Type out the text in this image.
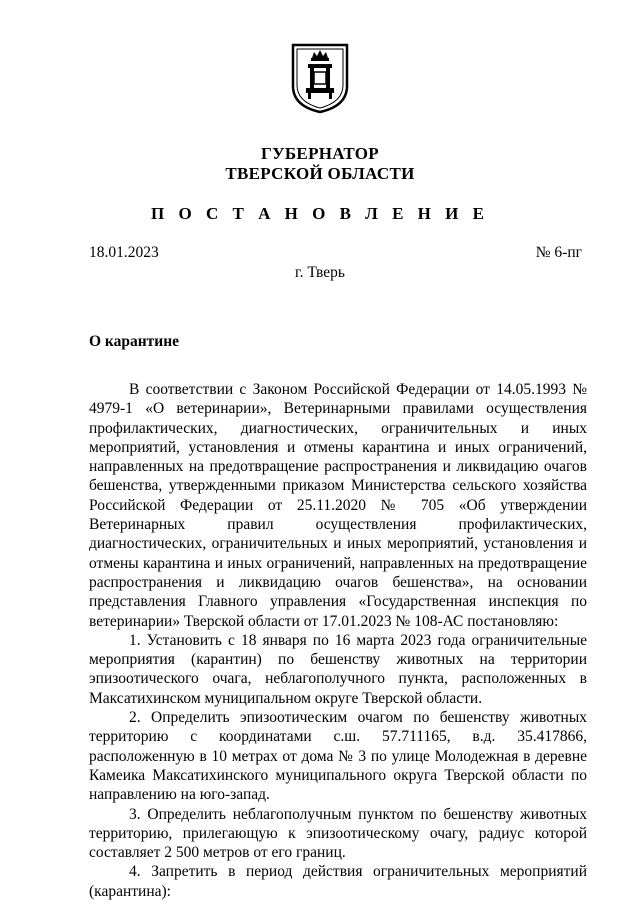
ГУБЕРНАТОР
ТВЕРСКОЙ ОБЛАСТИ
П О С Т А Н О В Л Е Н И Е
18.01.2023	№ 6-пг
г. Тверь
О карантине

В соответствии с Законом Российской Федерации от 14.05.1993 № 4979-1 «О ветеринарии», Ветеринарными правилами осуществления профилактических, диагностических, ограничительных и иных мероприятий, установления и отмены карантина и иных ограничений, направленных на предотвращение распространения и ликвидацию очагов бешенства, утвержденными приказом Министерства сельского хозяйства Российской Федерации от 25.11.2020 № 705 «Об утверждении Ветеринарных правил осуществления профилактических, диагностических, ограничительных и иных мероприятий, установления и отмены карантина и иных ограничений, направленных на предотвращение распространения и ликвидацию очагов бешенства», на основании представления Главного управления «Государственная инспекция по ветеринарии» Тверской области от 17.01.2023 № 108-АС постановляю:

1. Установить с 18 января по 16 марта 2023 года ограничительные мероприятия (карантин) по бешенству животных на территории эпизоотического очага, неблагополучного пункта, расположенных в Максатихинском муниципальном округе Тверской области.

2. Определить эпизоотическим очагом по бешенству животных территорию с координатами с.ш. 57.711165, в.д. 35.417866, расположенную в 10 метрах от дома № 3 по улице Молодежная в деревне Камеика Максатихинского муниципального округа Тверской области по направлению на юго-запад.

3. Определить неблагополучным пунктом по бешенству животных территорию, прилегающую к эпизоотическому очагу, радиус которой составляет 2 500 метров от его границ.

4. Запретить в период действия ограничительных мероприятий (карантина):
